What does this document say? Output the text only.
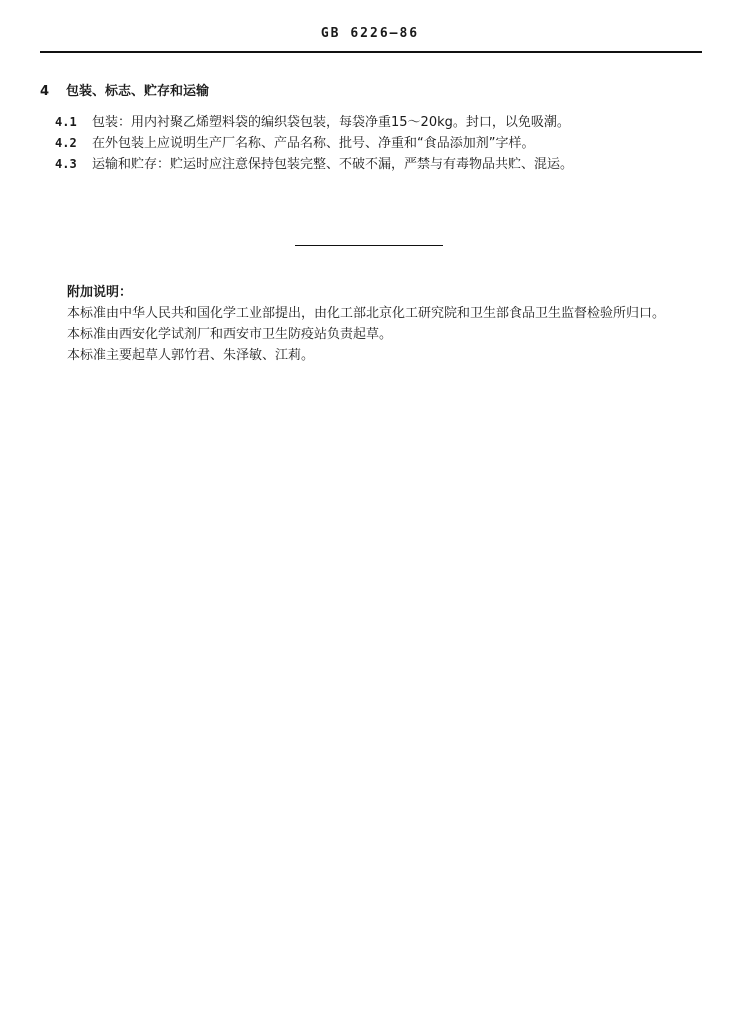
GB 6226—86
4 包装、标志、贮存和运输
4.1 包装：用内衬聚乙烯塑料袋的编织袋包装，每袋净重15～20kg。封口，以免吸潮。
4.2 在外包装上应说明生产厂名称、产品名称、批号、净重和“食品添加剂”字样。
4.3 运输和贮存：贮运时应注意保持包装完整、不破不漏，严禁与有毒物品共贮、混运。
附加说明：

本标准由中华人民共和国化学工业部提出，由化工部北京化工研究院和卫生部食品卫生监督检验所归口。

本标准由西安化学试剂厂和西安市卫生防疫站负责起草。

本标准主要起草人郭竹君、朱泽敏、江莉。
